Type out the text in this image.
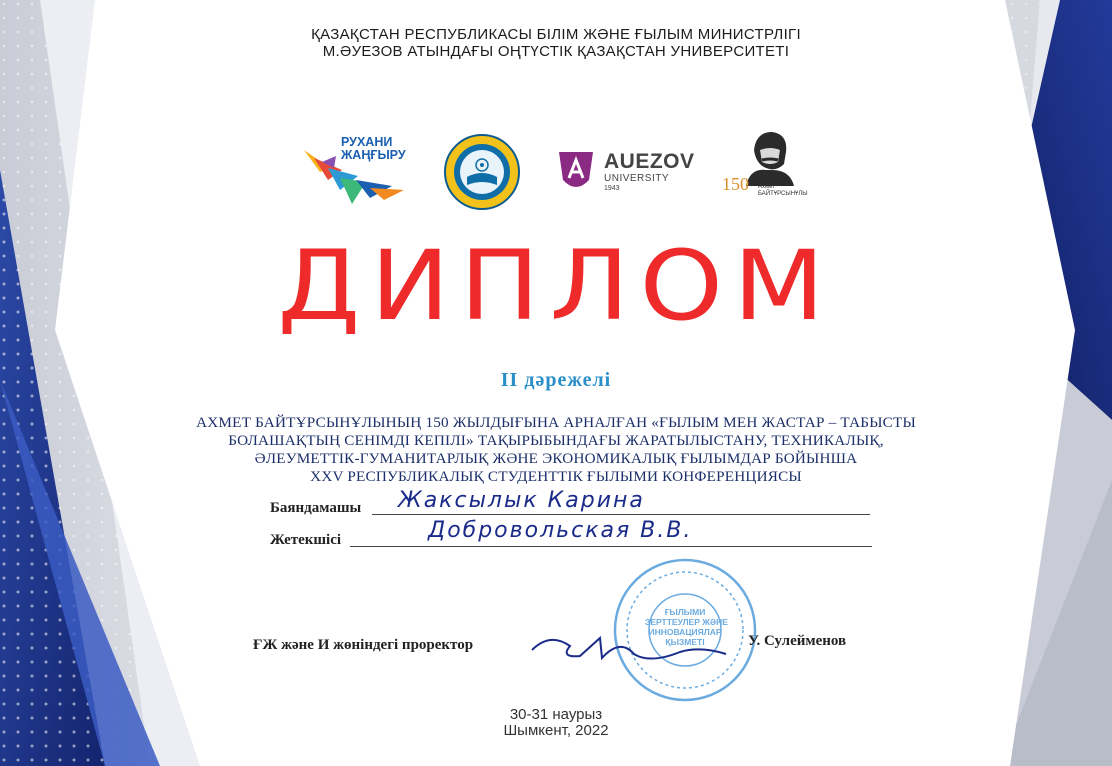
ҚАЗАҚСТАН РЕСПУБЛИКАСЫ БІЛІМ ЖӘНЕ ҒЫЛЫМ МИНИСТРЛІГІ
М.ӘУЕЗОВ АТЫНДАҒЫ ОҢТҮСТІК ҚАЗАҚСТАН УНИВЕРСИТЕТІ
РУХАНИ
ЖАҢҒЫРУ	AUEZOV
UNIVERSITY
1943	150 Ахмет
БАЙТҰРСЫНҰЛЫ
ДИПЛОМ
II дәрежелі
АХМЕТ БАЙТҰРСЫНҰЛЫНЫҢ 150 ЖЫЛДЫҒЫНА АРНАЛҒАН «ҒЫЛЫМ МЕН ЖАСТАР – ТАБЫСТЫ
БОЛАШАҚТЫҢ СЕНІМДІ КЕПІЛІ» ТАҚЫРЫБЫНДАҒЫ ЖАРАТЫЛЫСТАНУ, ТЕХНИКАЛЫҚ,
ӘЛЕУМЕТТІК-ГУМАНИТАРЛЫҚ ЖӘНЕ ЭКОНОМИКАЛЫҚ ҒЫЛЫМДАР БОЙЫНША
XXV РЕСПУБЛИКАЛЫҚ СТУДЕНТТІК ҒЫЛЫМИ КОНФЕРЕНЦИЯСЫ
Баяндамашы Жаксылык Карина
Жетекшісі	Добровольская В.В.
ҒЫЛЫМИ
ЗЕРТТЕУЛЕР ЖӘНЕ
ИННОВАЦИЯЛАР
ҚЫЗМЕТІ
ҒЖ және И жөніндегі проректор	У. Сулейменов
30-31 наурыз
Шымкент, 2022
